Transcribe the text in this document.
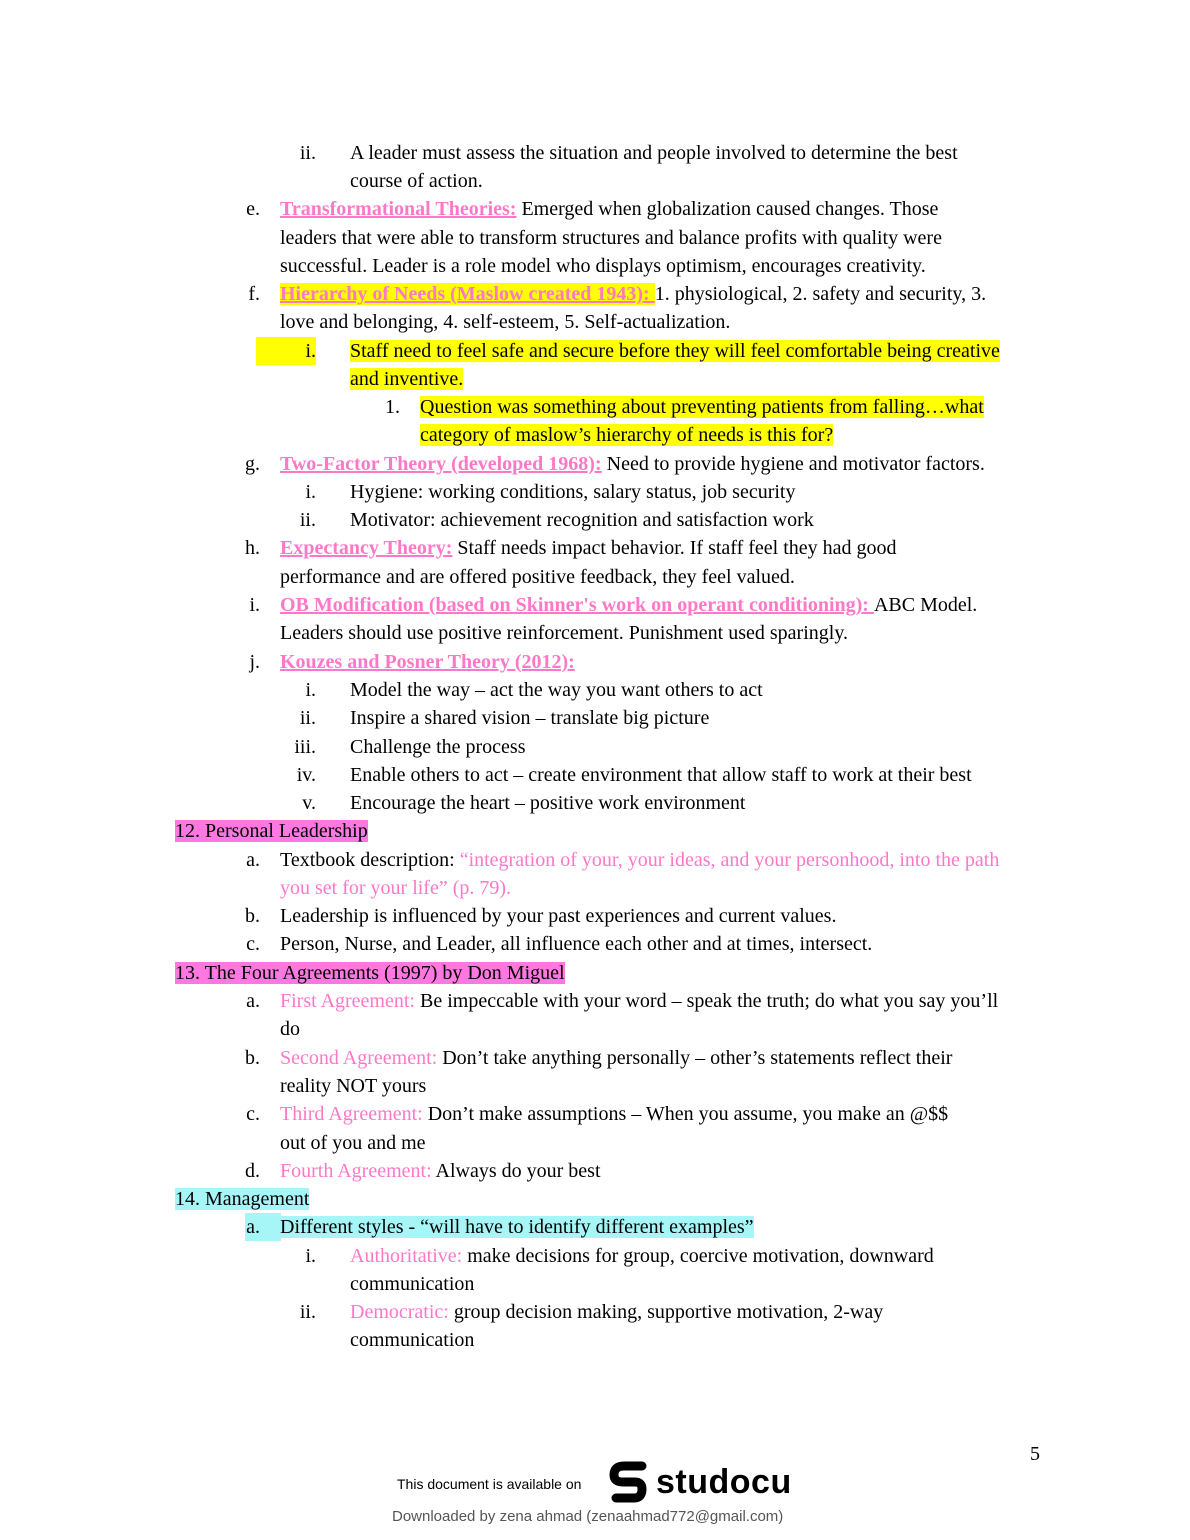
ii. A leader must assess the situation and people involved to determine the best
course of action.
e. Transformational Theories: Emerged when globalization caused changes. Those
leaders that were able to transform structures and balance profits with quality were
successful. Leader is a role model who displays optimism, encourages creativity.
f. Hierarchy of Needs (Maslow created 1943): 1. physiological, 2. safety and security, 3.
love and belonging, 4. self-esteem, 5. Self-actualization.
i. Staff need to feel safe and secure before they will feel comfortable being creative
and inventive.
1. Question was something about preventing patients from falling…what
category of maslow’s hierarchy of needs is this for?
g. Two-Factor Theory (developed 1968): Need to provide hygiene and motivator factors.
i. Hygiene: working conditions, salary status, job security
ii. Motivator: achievement recognition and satisfaction work
h. Expectancy Theory: Staff needs impact behavior. If staff feel they had good
performance and are offered positive feedback, they feel valued.
i. OB Modification (based on Skinner's work on operant conditioning): ABC Model.
Leaders should use positive reinforcement. Punishment used sparingly.
j. Kouzes and Posner Theory (2012):
i. Model the way – act the way you want others to act
ii. Inspire a shared vision – translate big picture
iii. Challenge the process
iv. Enable others to act – create environment that allow staff to work at their best
v. Encourage the heart – positive work environment
12. Personal Leadership
a. Textbook description: “integration of your, your ideas, and your personhood, into the path
you set for your life” (p. 79).
b. Leadership is influenced by your past experiences and current values.
c. Person, Nurse, and Leader, all influence each other and at times, intersect.
13. The Four Agreements (1997) by Don Miguel
a. First Agreement: Be impeccable with your word – speak the truth; do what you say you’ll
do
b. Second Agreement: Don’t take anything personally – other’s statements reflect their
reality NOT yours
c. Third Agreement: Don’t make assumptions – When you assume, you make an @$$
out of you and me
d. Fourth Agreement: Always do your best
14. Management
a. Different styles - “will have to identify different examples”
i. Authoritative: make decisions for group, coercive motivation, downward
communication
ii. Democratic: group decision making, supportive motivation, 2-way
communication
5
This document is available on studocu
Downloaded by zena ahmad (zenaahmad772@gmail.com)
